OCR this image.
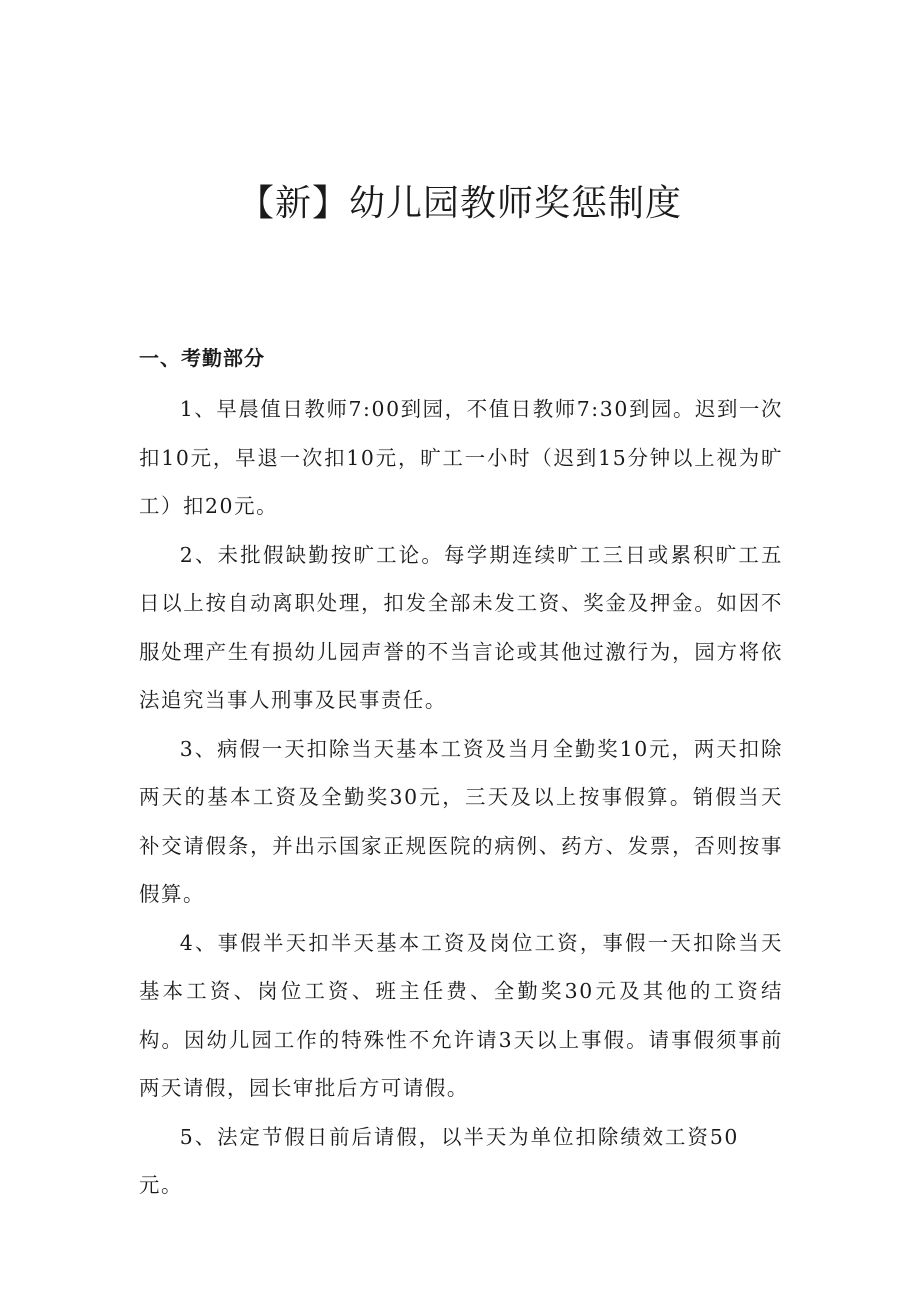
【新】幼儿园教师奖惩制度
一、考勤部分

1、早晨值日教师7:00到园，不值日教师7:30到园。迟到一次扣10元，早退一次扣10元，旷工一小时（迟到15分钟以上视为旷工）扣20元。

2、未批假缺勤按旷工论。每学期连续旷工三日或累积旷工五日以上按自动离职处理，扣发全部未发工资、奖金及押金。如因不服处理产生有损幼儿园声誉的不当言论或其他过激行为，园方将依法追究当事人刑事及民事责任。

3、病假一天扣除当天基本工资及当月全勤奖10元，两天扣除两天的基本工资及全勤奖30元，三天及以上按事假算。销假当天补交请假条，并出示国家正规医院的病例、药方、发票，否则按事假算。

4、事假半天扣半天基本工资及岗位工资，事假一天扣除当天基本工资、岗位工资、班主任费、全勤奖30元及其他的工资结构。因幼儿园工作的特殊性不允许请3天以上事假。请事假须事前两天请假，园长审批后方可请假。

5、法定节假日前后请假，以半天为单位扣除绩效工资50元。
